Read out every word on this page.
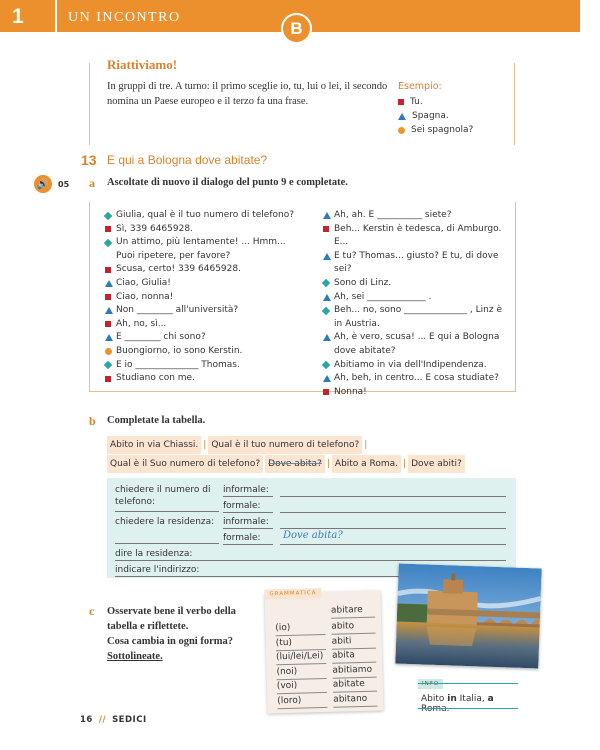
1	UN INCONTRO
B
Riattiviamo!
In gruppi di tre. A turno: il primo sceglie io, tu, lui o lei, il secondo nomina un Paese europeo e il terzo fa una frase.
Esempio:
Tu.
Spagna.
Sei spagnola?
13 E qui a Bologna dove abitate?
🔊	05 a Ascoltate di nuovo il dialogo del punto 9 e completate.
Giulia, qual è il tuo numero di telefono?
Sì, 339 6465928.
Un attimo, più lentamente! ... Hmm... Puoi ripetere, per favore?
Scusa, certo! 339 6465928.
Ciao, Giulia!
Ciao, nonna!
Non ________ all'università?
Ah, no, sì...
E ________ chi sono?
Buongiorno, io sono Kerstin.
E io ______________ Thomas.
Studiano con me.
Ah, ah. E __________ siete?
Beh... Kerstin è tedesca, di Amburgo. E...
E tu? Thomas... giusto? E tu, di dove sei?
Sono di Linz.
Ah, sei _____________ .
Beh... no, sono ______________ , Linz è in Austria.
Ah, è vero, scusa! ... E qui a Bologna dove abitate?
Abitiamo in via dell'Indipendenza.
Ah, beh, in centro... E cosa studiate?
Nonna!
b Completate la tabella.
Abito in via Chiassi. | Qual è il tuo numero di telefono? |Qual è il Suo numero di telefono? Dove abita? | Abito a Roma. | Dove abiti?
chiedere il numero di telefono:
informale:
formale:
chiedere la residenza: informale:
formale: Dove abita?
dire la residenza:
indicare l'indirizzo:
c Osservate bene il verbo della tabella e riflettete.
Cosa cambia in ogni forma?
Sottolineate.
GRAMMATICA
abitare
(io)	abito
(tu)	abiti
(lui/lei/Lei) abita
(noi)	abitiamo
(voi)	abitate
(loro)	abitano
INFO
Abito in Italia, a Roma.
16 // SEDICI
